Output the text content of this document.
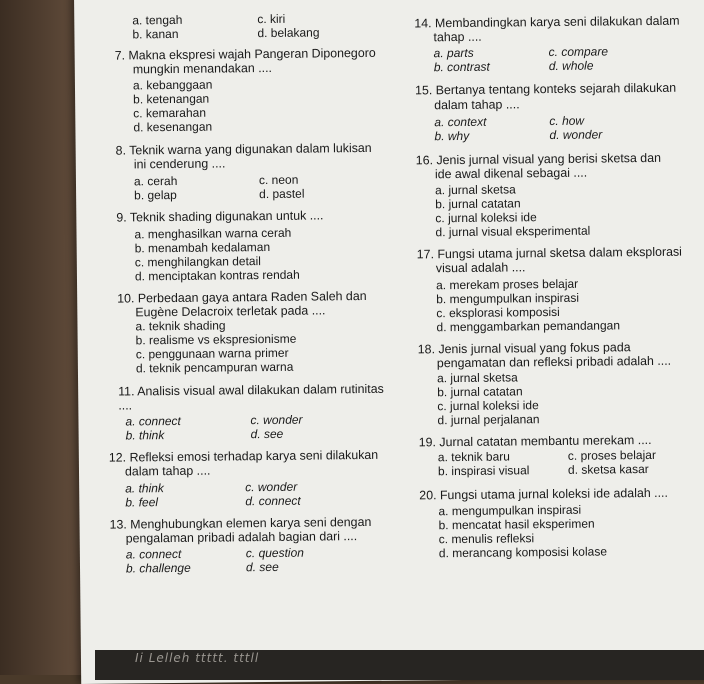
a. tengah	c. kiri
b. kanan	d. belakang
7. Makna ekspresi wajah Pangeran Diponegoro
mungkin menandakan ....
a. kebanggaan
b. ketenangan
c. kemarahan
d. kesenangan
8. Teknik warna yang digunakan dalam lukisan
ini cenderung ....
a. cerah	c. neon
b. gelap	d. pastel
9. Teknik shading digunakan untuk ....
a. menghasilkan warna cerah
b. menambah kedalaman
c. menghilangkan detail
d. menciptakan kontras rendah
10. Perbedaan gaya antara Raden Saleh dan
Eugène Delacroix terletak pada ....
a. teknik shading
b. realisme vs ekspresionisme
c. penggunaan warna primer
d. teknik pencampuran warna
11. Analisis visual awal dilakukan dalam rutinitas
....
a. connect	c. wonder
b. think	d. see
12. Refleksi emosi terhadap karya seni dilakukan
dalam tahap ....
a. think	c. wonder
b. feel	d. connect
13. Menghubungkan elemen karya seni dengan
pengalaman pribadi adalah bagian dari ....
a. connect	c. question
b. challenge	d. see
14. Membandingkan karya seni dilakukan dalam
tahap ....
a. parts	c. compare
b. contrast	d. whole
15. Bertanya tentang konteks sejarah dilakukan
dalam tahap ....
a. context	c. how
b. why	d. wonder
16. Jenis jurnal visual yang berisi sketsa dan
ide awal dikenal sebagai ....
a. jurnal sketsa
b. jurnal catatan
c. jurnal koleksi ide
d. jurnal visual eksperimental
17. Fungsi utama jurnal sketsa dalam eksplorasi
visual adalah ....
a. merekam proses belajar
b. mengumpulkan inspirasi
c. eksplorasi komposisi
d. menggambarkan pemandangan
18. Jenis jurnal visual yang fokus pada
pengamatan dan refleksi pribadi adalah ....
a. jurnal sketsa
b. jurnal catatan
c. jurnal koleksi ide
d. jurnal perjalanan
19. Jurnal catatan membantu merekam ....
a. teknik baru	c. proses belajar
b. inspirasi visual	d. sketsa kasar
20. Fungsi utama jurnal koleksi ide adalah ....
a. mengumpulkan inspirasi
b. mencatat hasil eksperimen
c. menulis refleksi
d. merancang komposisi kolase
Ii Lelleh ttttt. tttll
